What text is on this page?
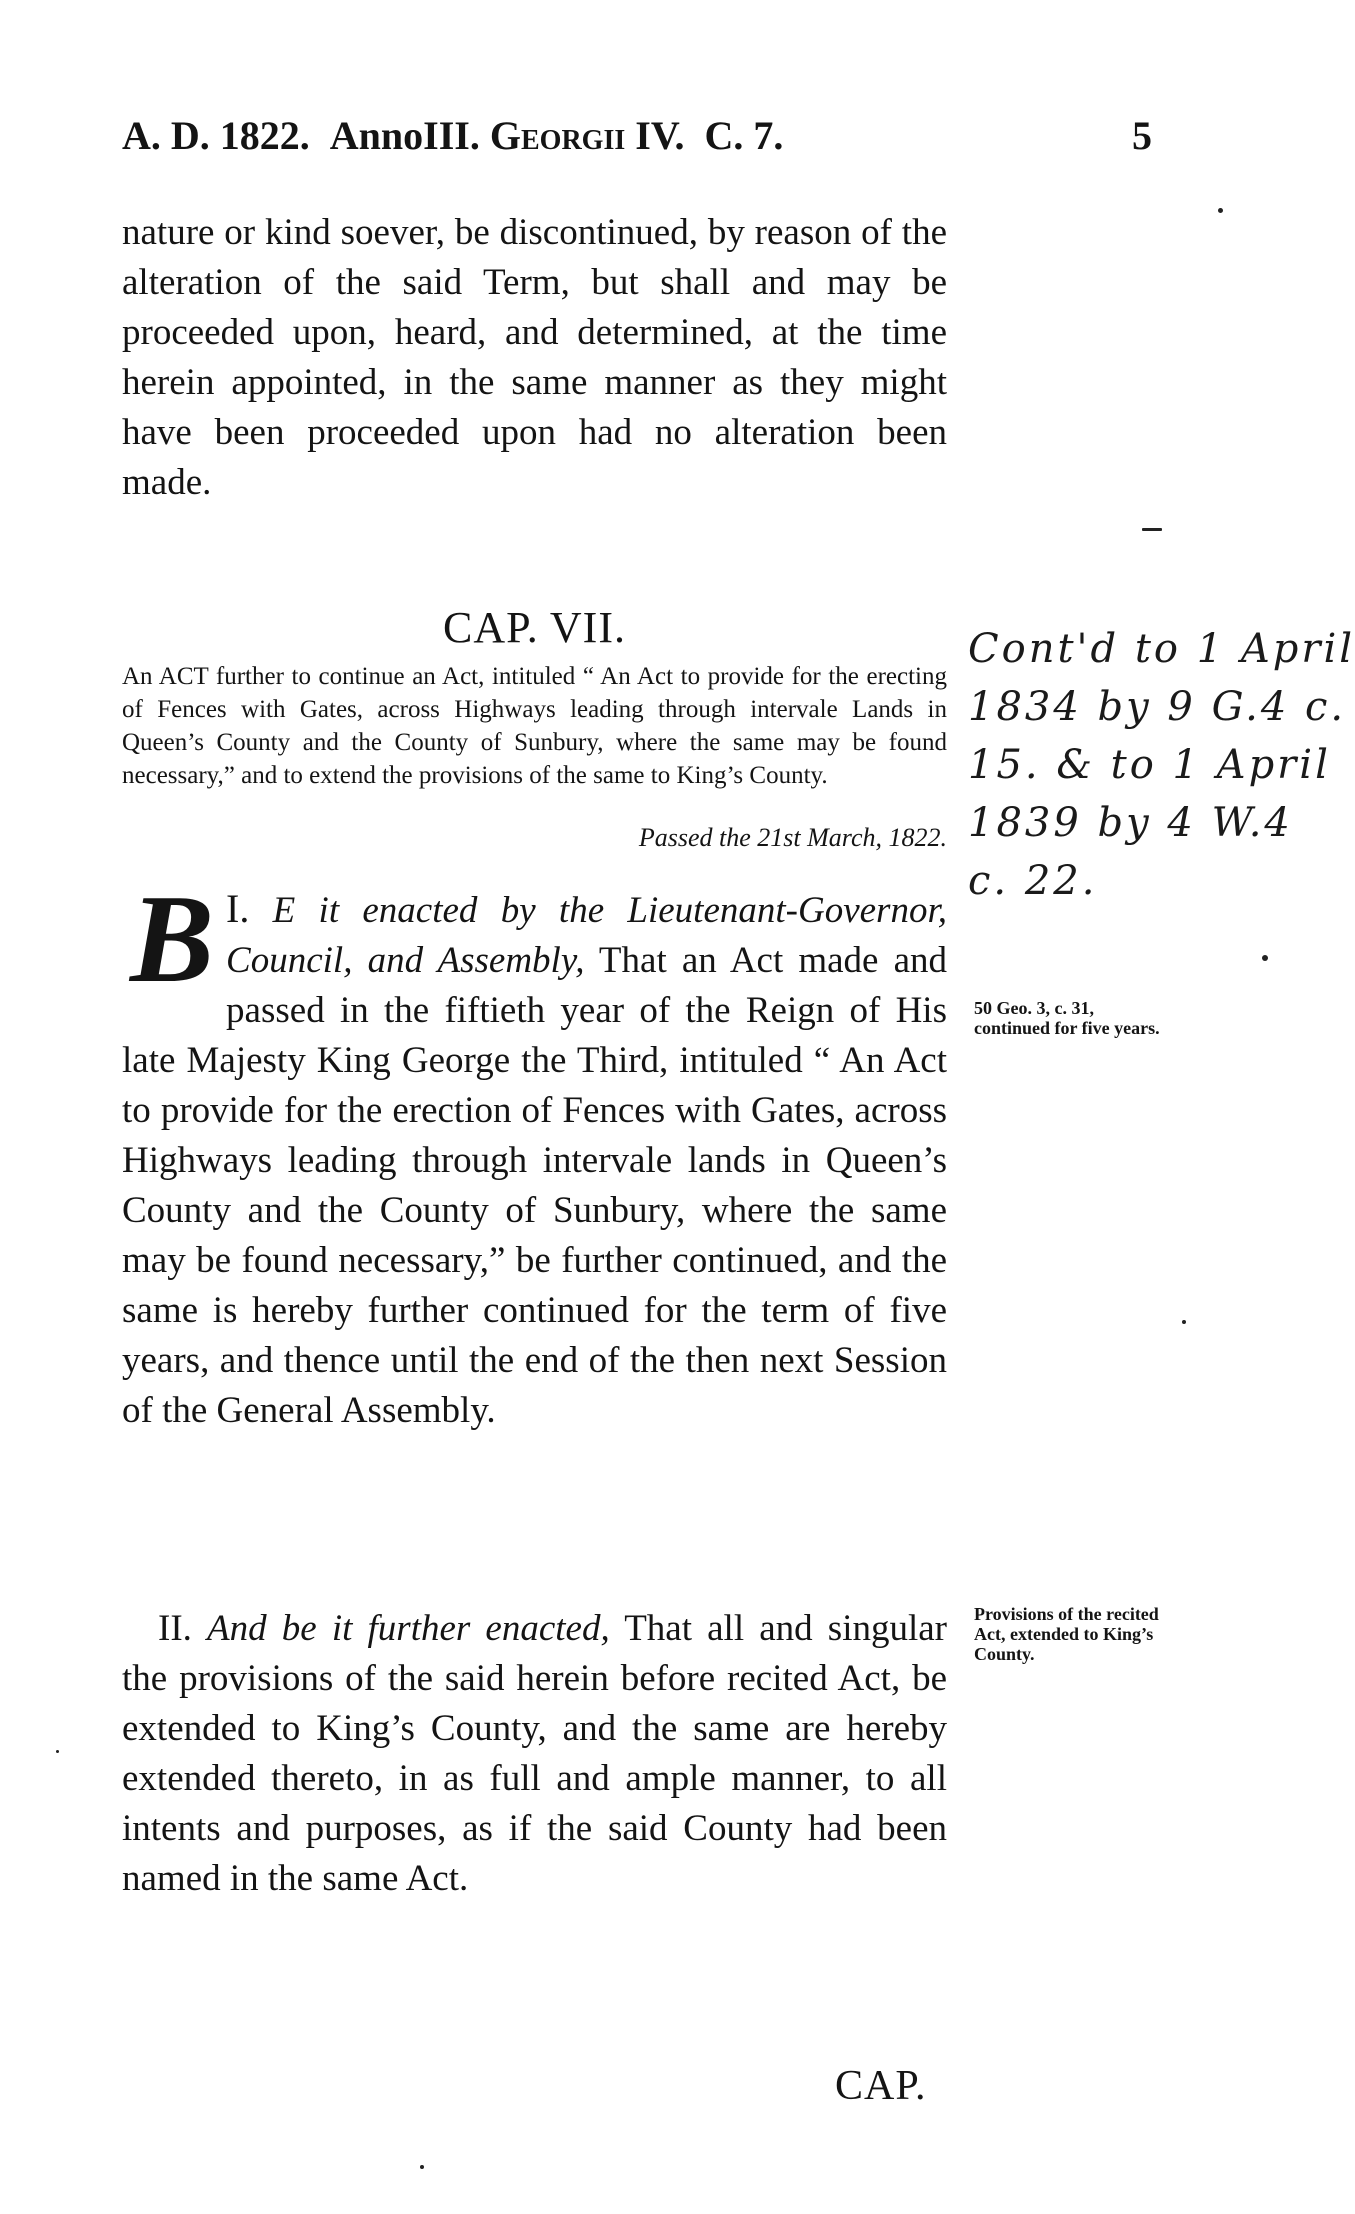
A. D. 1822. AnnoIII. Georgii IV. C. 7.	5
nature or kind soever, be discontinued, by reason of the alteration of the said Term, but shall and may be proceeded upon, heard, and determined, at the time herein appointed, in the same manner as they might have been proceeded upon had no alteration been made.
CAP. VII.
An ACT further to continue an Act, intituled “ An Act to provide for the erecting of Fences with Gates, across Highways leading through intervale Lands in Queen’s County and the County of Sunbury, where the same may be found necessary,” and to extend the provisions of the same to King’s County.
Passed the 21st March, 1822.
I.
B E it enacted by the Lieutenant-Governor, Council, and Assembly, That an Act made and passed in the fiftieth year of the Reign of His late Majesty King George the Third, intituled “ An Act to provide for the erection of Fences with Gates, across Highways leading through intervale lands in Queen’s County and the County of Sunbury, where the same may be found necessary,” be further continued, and the same is hereby further continued for the term of five years, and thence until the end of the then next Session of the General Assembly.
II. And be it further enacted, That all and singular the provisions of the said herein before recited Act, be extended to King’s County, and the same are hereby extended thereto, in as full and ample manner, to all intents and purposes, as if the said County had been named in the same Act.
50 Geo. 3, c. 31, continued for five years.
Provisions of the recited Act, extended to King’s County.
Cont'd to 1 April
1834 by 9 G.4 c.
15. & to 1 April
1839 by 4 W.4
c. 22.
CAP.
